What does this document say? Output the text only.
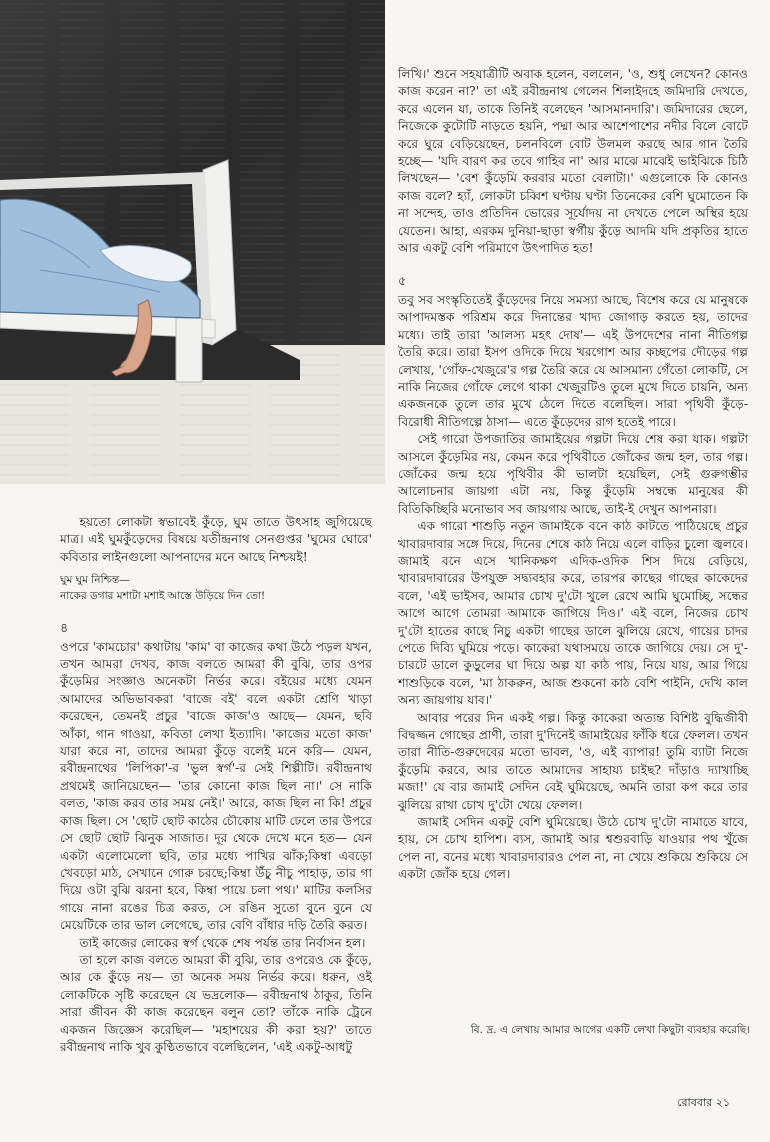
লিখি।' শুনে সহযাত্রীটি অবাক হলেন, বললেন, 'ও, শুধু লেখেন? কোনও কাজ করেন না?' তা এই রবীন্দ্রনাথ গেলেন শিলাইদহে জমিদারি দেখতে, করে এলেন যা, তাকে তিনিই বলেছেন 'আসমানদারি'। জমিদারের ছেলে, নিজেকে কুটোটি নাড়তে হয়নি, পদ্মা আর আশেপাশের নদীর বিলে বোটে করে ঘুরে বেড়িয়েছেন, চলনবিলে বোট উলমল করছে আর গান তৈরি হচ্ছে— 'যদি বারণ কর তবে গাহিব না' আর মাঝে মাঝেই ভাইঝিকে চিঠি লিখছেন— 'বেশ কুঁড়েমি করবার মতো বেলাটা।' এগুলোকে কি কোনও কাজ বলে? হ্যাঁ, লোকটা চব্বিশ ঘণ্টায় ঘণ্টা তিনেকের বেশি ঘুমোতেন কি না সন্দেহ, তাও প্রতিদিন ভোরের সূর্যোদয় না দেখতে পেলে অস্থির হয়ে যেতেন। আহা, এরকম দুনিয়া-ছাড়া স্বর্গীয় কুঁড়ে আদমি যদি প্রকৃতির হাতে আর একটু বেশি পরিমাণে উৎপাদিত হত!

৫

তবু সব সংস্কৃতিতেই কুঁড়েদের নিয়ে সমস্যা আছে, বিশেষ করে যে মানুষকে আপাদমস্তক পরিশ্রম করে দিনান্তের খাদ্য জোগাড় করতে হয়, তাদের মধ্যে। তাই তারা 'আলস্য মহৎ দোষ'— এই উপদেশের নানা নীতিগল্প তৈরি করে। তারা ইসপ ওদিকে দিয়ে খরগোশ আর কচ্ছপের দৌড়ের গল্প লেখায়, 'গোঁফ-খেজুরে'র গল্প তৈরি করে যে আসমান্য গেঁতো লোকটি, সে নাকি নিজের গোঁফে লেগে থাকা খেজুরটিও তুলে মুখে দিতে চায়নি, অন্য একজনকে তুলে তার মুখে ঠেলে দিতে বলেছিল। সারা পৃথিবী কুঁড়ে-বিরোধী নীতিগল্পে ঠাসা— এতে কুঁড়েদের রাগ হতেই পারে।

সেই গারো উপজাতির জামাইয়ের গল্পটা দিয়ে শেষ করা যাক। গল্পটা আসলে কুঁড়েমির নয়, কেমন করে পৃথিবীতে জোঁকের জন্ম হল, তার গল্প। জোঁকের জন্ম হয়ে পৃথিবীর কী ভালটা হয়েছিল, সেই গুরুগম্ভীর আলোচনার জায়গা এটা নয়, কিন্তু কুঁড়েমি সম্বন্ধে মানুষের কী বিতিকিচ্ছিরি মনোভাব সব জায়গায় আছে, তাই-ই দেখুন আপনারা।

এক গারো শাশুড়ি নতুন জামাইকে বনে কাঠ কাটতে পাঠিয়েছে প্রচুর খাবারদাবার সঙ্গে দিয়ে, দিনের শেষে কাঠ নিয়ে এলে বাড়ির চুলো জ্বলবে। জামাই বনে এসে খানিকক্ষণ এদিক-ওদিক শিস দিয়ে বেড়িয়ে, খাবারদাবারের উপযুক্ত সদ্ব্যবহার করে, তারপর কাছের গাছের কাকেদের বলে, 'এই ভাইসব, আমার চোখ দু'টো খুলে রেখে আমি ঘুমোচ্ছি, সন্ধের আগে আগে তোমরা আমাকে জাগিয়ে দিও।' এই বলে, নিজের চোখ দু'টো হাতের কাছে নিচু একটা গাছের ডালে ঝুলিয়ে রেখে, গায়ের চাদর পেতে দিব্যি ঘুমিয়ে পড়ে। কাকেরা যথাসময়ে তাকে জাগিয়ে দেয়। সে দু'-চারটে ডালে কুড়ুলের ঘা দিয়ে অল্প যা কাঠ পায়, নিয়ে যায়, আর গিয়ে শাশুড়িকে বলে, 'মা ঠাকরুন, আজ শুকনো কাঠ বেশি পাইনি, দেখি কাল অন্য জায়গায় যাব।'

আবার পরের দিন একই গল্প। কিন্তু কাকেরা অত্যন্ত বিশিষ্ট বুদ্ধিজীবী বিদ্বজ্জন গোছের প্রাণী, তারা দু'দিনেই জামাইয়ের ফাঁকি ধরে ফেলল। তখন তারা নীতি-গুরুদেবের মতো ভাবল, 'ও, এই ব্যাপার! তুমি ব্যাটা নিজে কুঁড়েমি করবে, আর তাতে আমাদের সাহায্য চাইছ? দাঁড়াও দ্যাখাচ্ছি মজা!' যে বার জামাই সেদিন বেই ঘুমিয়েছে, অমনি তারা কপ করে তার ঝুলিয়ে রাখা চোখ দু'টো খেয়ে ফেলল।

জামাই সেদিন একটু বেশি ঘুমিয়েছে। উঠে চোখ দু'টো নামাতে যাবে, হায়, সে চোখ হাপিশ। ব্যস, জামাই আর শ্বশুরবাড়ি যাওয়ার পথ খুঁজে পেল না, বনের মধ্যে খাবারদাবারও পেল না, না খেয়ে শুকিয়ে শুকিয়ে সে একটা জোঁক হয়ে গেল।

হয়তো লোকটা স্বভাবেই কুঁড়ে, ঘুম তাতে উৎসাহ জুগিয়েছে মাত্র। এই ঘুমকুঁড়েদের বিষয়ে যতীন্দ্রনাথ সেনগুপ্তর 'ঘুমের ঘোরে' কবিতার লাইনগুলো আপনাদের মনে আছে নিশ্চয়ই!

ঘুম ঘুম নিশ্চিন্ত—
নাকের ডগার মশাটা মশাই আস্তে উড়িয়ে দিন তো!

৪

ওপরে 'কামচোর' কথাটায় 'কাম' বা কাজের কথা উঠে পড়ল যখন, তখন আমরা দেখব, কাজ বলতে আমরা কী বুঝি, তার ওপর কুঁড়েমির সংজ্ঞাও অনেকটা নির্ভর করে। বইয়ের মধ্যে যেমন আমাদের অভিভাবকরা 'বাজে বই' বলে একটা শ্রেণি খাড়া করেছেন, তেমনই প্রচুর 'বাজে কাজ'ও আছে— যেমন, ছবি আঁকা, গান গাওয়া, কবিতা লেখা ইত্যাদি। 'কাজের মতো কাজ' যারা করে না, তাদের আমরা কুঁড়ে বলেই মনে করি— যেমন, রবীন্দ্রনাথের 'লিপিকা'-র 'ভুল স্বর্গ'-র সেই শিল্পীটি। রবীন্দ্রনাথ প্রথমেই জানিয়েছেন— 'তার কোনো কাজ ছিল না।' সে নাকি বলত, 'কাজ করব তার সময় নেই।' আরে, কাজ ছিল না কি! প্রচুর কাজ ছিল। সে 'ছোট ছোট কাঠের চৌকোয় মাটি ঢেলে তার উপরে সে ছোট ছোট ঝিনুক সাজাত। দূর থেকে দেখে মনে হত— যেন একটা এলোমেলো ছবি, তার মধ্যে পাখির ঝাঁক;কিম্বা এবড়ো খেবড়ো মাঠ, সেখানে গোরু চরছে;কিম্বা উঁচু নীচু পাহাড়, তার গা দিয়ে ওটা বুঝি ঝরনা হবে, কিম্বা পায়ে চলা পথ।' মাটির কলসির গায়ে নানা রঙের চিত্র করত, সে রঙিন সুতো বুনে বুনে যে মেয়েটিকে তার ভাল লেগেছে, তার বেণি বাঁধার দড়ি তৈরি করত।

তাই কাজের লোকের স্বর্গ থেকে শেষ পর্যন্ত তার নির্বাসন হল।

তা হলে কাজ বলতে আমরা কী বুঝি, তার ওপরেও কে কুঁড়ে, আর কে কুঁড়ে নয়— তা অনেক সময় নির্ভর করে। ধরুন, ওই লোকটিকে সৃষ্টি করেছেন যে ভদ্রলোক— রবীন্দ্রনাথ ঠাকুর, তিনি সারা জীবন কী কাজ করেছেন বলুন তো? তাঁকে নাকি ট্রেনে একজন জিজ্ঞেস করেছিল— 'মহাশয়ের কী করা হয়?' তাতে রবীন্দ্রনাথ নাকি খুব কুণ্ঠিতভাবে বলেছিলেন, 'এই একটু-আধটু

বি. দ্র. এ লেখায় আমার আগের একটি লেখা কিছুটা ব্যবহার করেছি।
রোববার ২১
